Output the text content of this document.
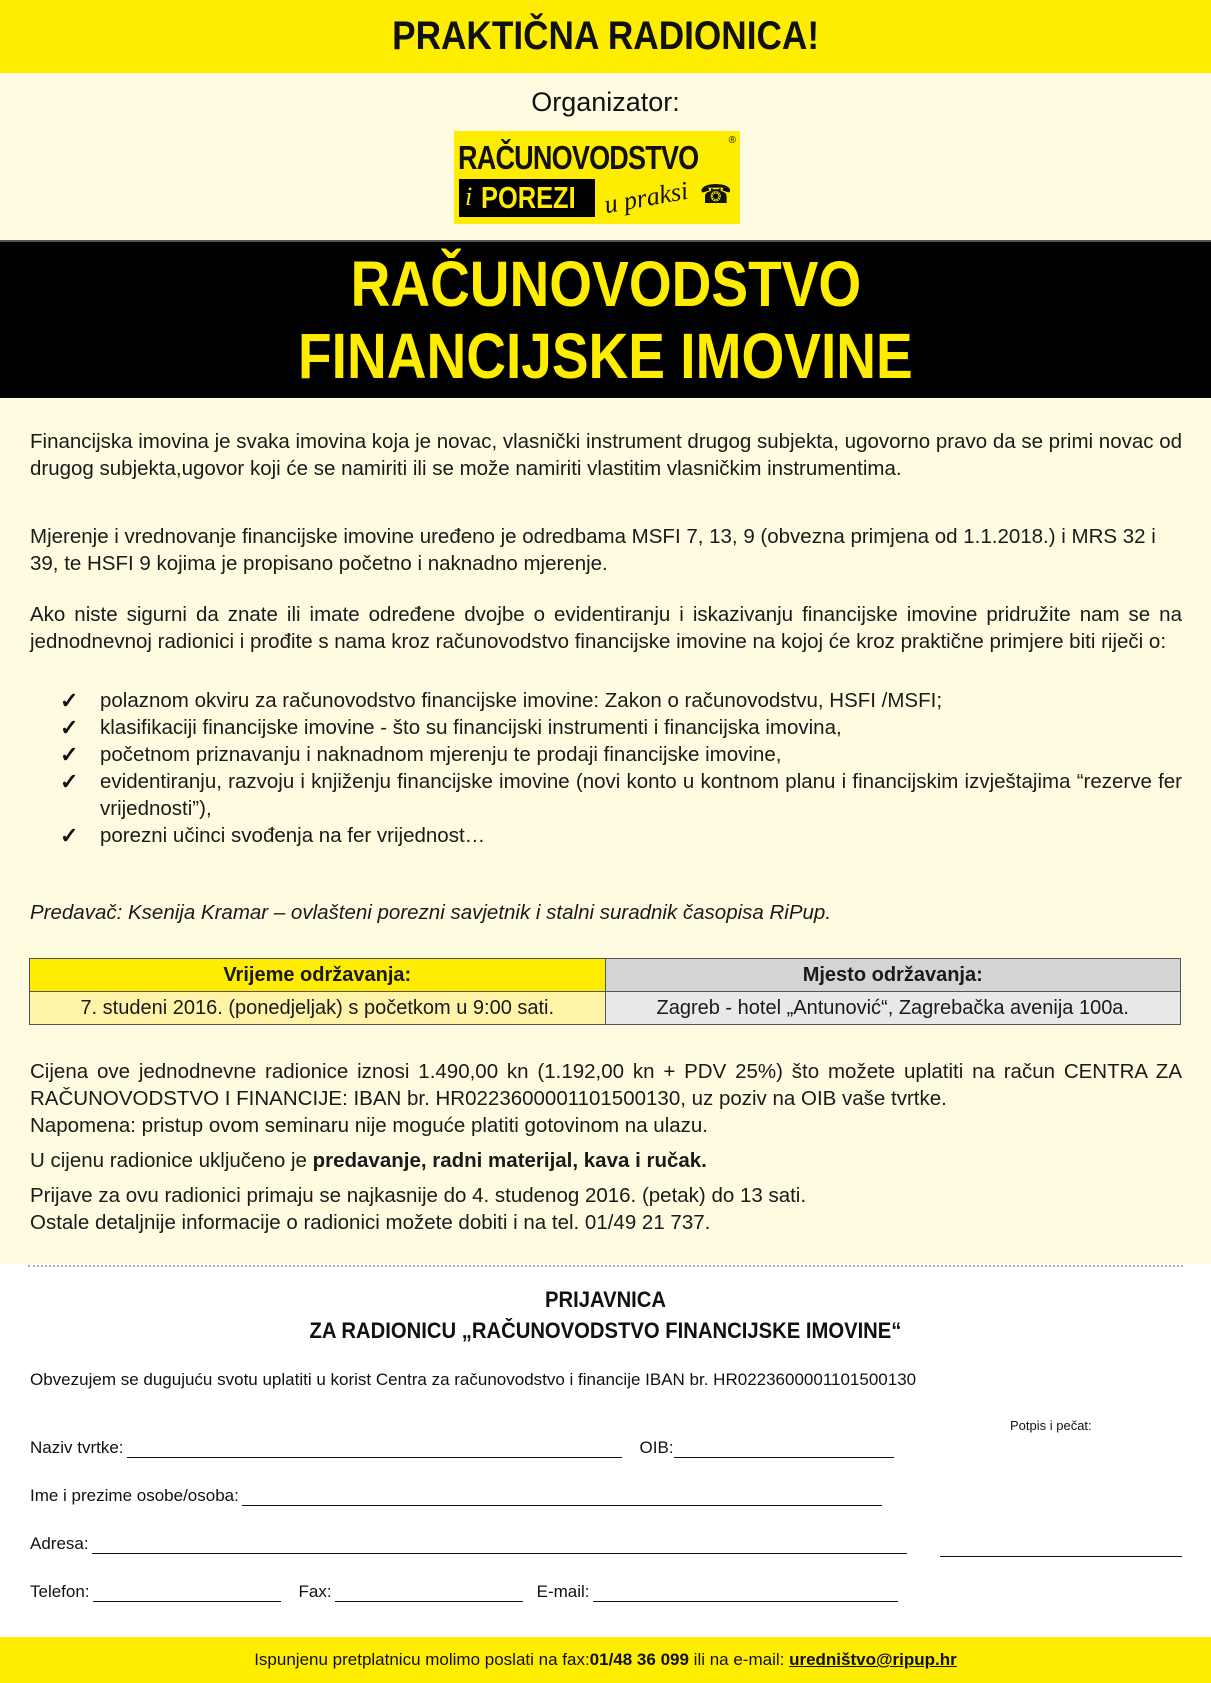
PRAKTIČNA RADIONICA!
Organizator:
RAČUNOVODSTVO	®
i POREZI u praksi ☎
RAČUNOVODSTVO
FINANCIJSKE IMOVINE

Financijska imovina je svaka imovina koja je novac, vlasnički instrument drugog subjekta, ugovorno pravo da se primi novac od drugog subjekta,ugovor koji će se namiriti ili se može namiriti vlastitim vlasničkim instrumentima.

Mjerenje i vrednovanje financijske imovine uređeno je odredbama MSFI 7, 13, 9 (obvezna primjena od 1.1.2018.) i MRS 32 i 39, te HSFI 9 kojima je propisano početno i naknadno mjerenje.

Ako niste sigurni da znate ili imate određene dvojbe o evidentiranju i iskazivanju financijske imovine pridružite nam se na jednodnevnoj radionici i prođite s nama kroz računovodstvo financijske imovine na kojoj će kroz praktične primjere biti riječi o:

✓ polaznom okviru za računovodstvo financijske imovine: Zakon o računovodstvu, HSFI /MSFI;
✓ klasifikaciji financijske imovine - što su financijski instrumenti i financijska imovina,
✓ početnom priznavanju i naknadnom mjerenju te prodaji financijske imovine,
✓ evidentiranju, razvoju i knjiženju financijske imovine (novi konto u kontnom planu i financijskim izvještajima “rezerve fer vrijednosti”),
✓ porezni učinci svođenja na fer vrijednost…
Predavač: Ksenija Kramar – ovlašteni porezni savjetnik i stalni suradnik časopisa RiPup.
Vrijeme održavanja:	Mjesto održavanja:
7. studeni 2016. (ponedjeljak) s početkom u 9:00 sati.	Zagreb - hotel „Antunović“, Zagrebačka avenija 100a.

Cijena ove jednodnevne radionice iznosi 1.490,00 kn (1.192,00 kn + PDV 25%) što možete uplatiti na račun CENTRA ZA RAČUNOVODSTVO I FINANCIJE: IBAN br. HR0223600001101500130, uz poziv na OIB vaše tvrtke.

Napomena: pristup ovom seminaru nije moguće platiti gotovinom na ulazu.

U cijenu radionice uključeno je predavanje, radni materijal, kava i ručak.

Prijave za ovu radionici primaju se najkasnije do 4. studenog 2016. (petak) do 13 sati.

Ostale detaljnije informacije o radionici možete dobiti i na tel. 01/49 21 737.

PRIJAVNICA
ZA RADIONICU „RAČUNOVODSTVO FINANCIJSKE IMOVINE“
Obvezujem se dugujuću svotu uplatiti u korist Centra za računovodstvo i financije IBAN br. HR0223600001101500130
Potpis i pečat:
Naziv tvrtke:	OIB:
Ime i prezime osobe/osoba:
Adresa:
Telefon:	Fax:	E-mail:
Ispunjenu pretplatnicu molimo poslati na fax: 01/48 36 099 ili na e-mail: uredništvo@ripup.hr
